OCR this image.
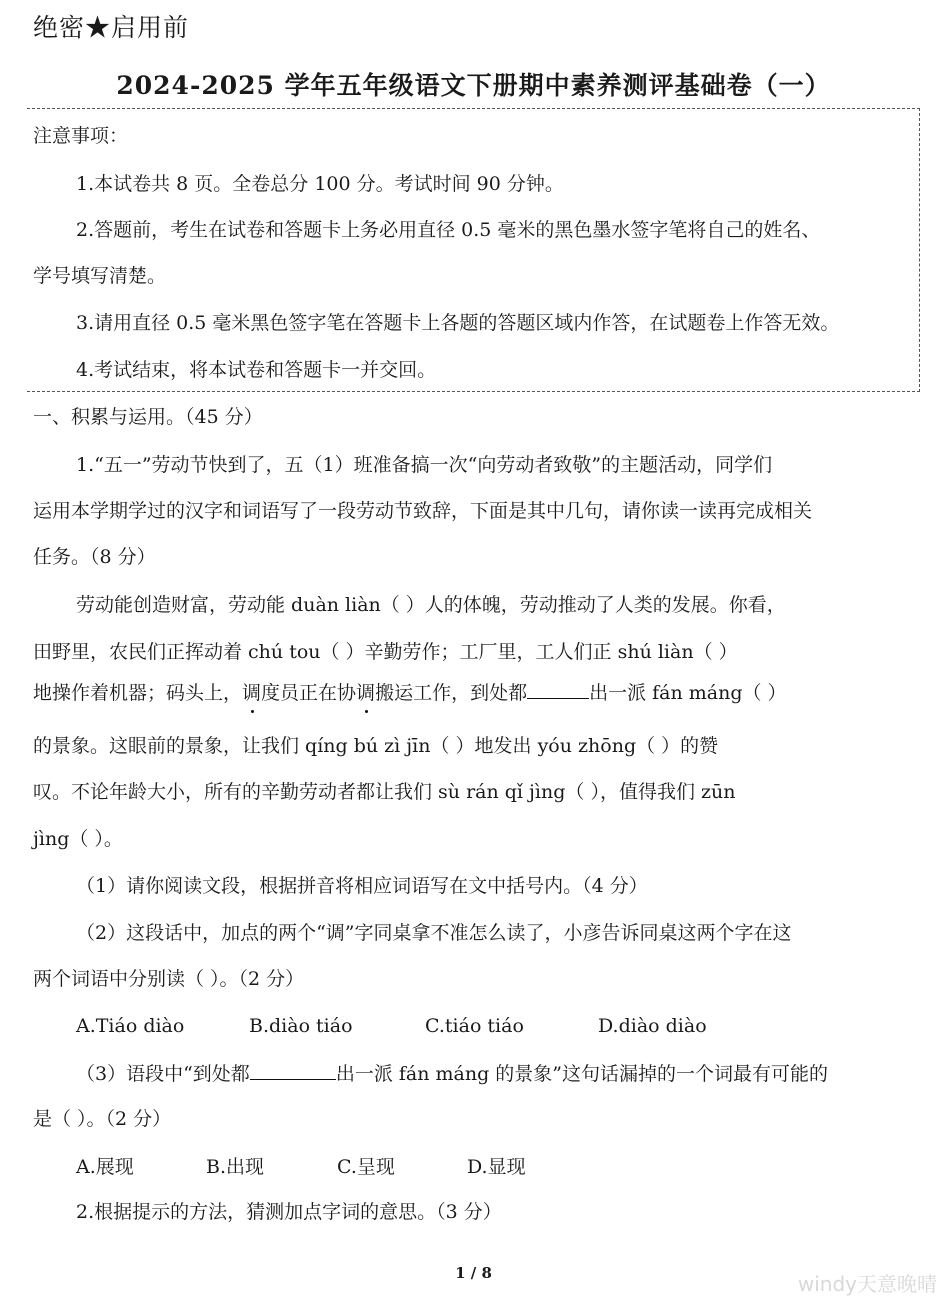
绝密★启用前
2024-2025 学年五年级语文下册期中素养测评基础卷（一）
注意事项：
1.本试卷共 8 页。全卷总分 100 分。考试时间 90 分钟。
2.答题前，考生在试卷和答题卡上务必用直径 0.5 毫米的黑色墨水签字笔将自己的姓名、
学号填写清楚。
3.请用直径 0.5 毫米黑色签字笔在答题卡上各题的答题区域内作答，在试题卷上作答无效。
4.考试结束，将本试卷和答题卡一并交回。
一、积累与运用。（45 分）
1.“五一”劳动节快到了，五（1）班准备搞一次“向劳动者致敬”的主题活动，同学们
运用本学期学过的汉字和词语写了一段劳动节致辞，下面是其中几句，请你读一读再完成相关
任务。（8 分）
劳动能创造财富，劳动能 duàn liàn（ ）人的体魄，劳动推动了人类的发展。你看，
田野里，农民们正挥动着 chú tou（ ）辛勤劳作；工厂里，工人们正 shú liàn（ ）
地操作着机器；码头上，调度员正在协调搬运工作，到处都	出一派 fán máng（ ）
的景象。这眼前的景象，让我们 qíng bú zì jīn（ ）地发出 yóu zhōng（ ）的赞
叹。不论年龄大小，所有的辛勤劳动者都让我们 sù rán qǐ jìng（ ），值得我们 zūn
jìng（ ）。
（1）请你阅读文段，根据拼音将相应词语写在文中括号内。（4 分）
（2）这段话中，加点的两个“调”字同桌拿不准怎么读了，小彦告诉同桌这两个字在这
两个词语中分别读（ ）。（2 分）
A.Tiáo diào	B.diào tiáo	C.tiáo tiáo	D.diào diào
（3）语段中“到处都	出一派 fán máng 的景象”这句话漏掉的一个词最有可能的
是（ ）。（2 分）
A.展现	B.出现	C.呈现	D.显现
2.根据提示的方法，猜测加点字词的意思。（3 分）
1 / 8	windy天意晚晴
